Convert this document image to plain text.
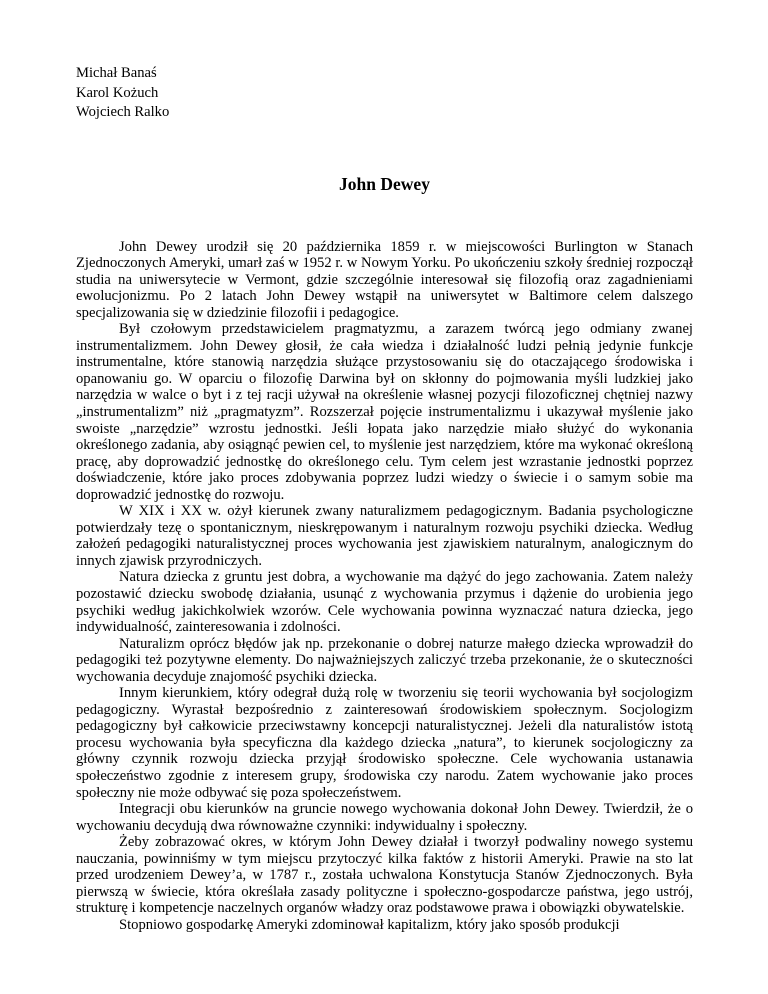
Michał Banaś
Karol Kożuch
Wojciech Ralko
John Dewey

John Dewey urodził się 20 października 1859 r. w miejscowości Burlington w Stanach Zjednoczonych Ameryki, umarł zaś w 1952 r. w Nowym Yorku. Po ukończeniu szkoły średniej rozpoczął studia na uniwersytecie w Vermont, gdzie szczególnie interesował się filozofią oraz zagadnieniami ewolucjonizmu. Po 2 latach John Dewey wstąpił na uniwersytet w Baltimore celem dalszego specjalizowania się w dziedzinie filozofii i pedagogice.

Był czołowym przedstawicielem pragmatyzmu, a zarazem twórcą jego odmiany zwanej instrumentalizmem. John Dewey głosił, że cała wiedza i działalność ludzi pełnią jedynie funkcje instrumentalne, które stanowią narzędzia służące przystosowaniu się do otaczającego środowiska i opanowaniu go. W oparciu o filozofię Darwina był on skłonny do pojmowania myśli ludzkiej jako narzędzia w walce o byt i z tej racji używał na określenie własnej pozycji filozoficznej chętniej nazwy „instrumentalizm” niż „pragmatyzm”. Rozszerzał pojęcie instrumentalizmu i ukazywał myślenie jako swoiste „narzędzie” wzrostu jednostki. Jeśli łopata jako narzędzie miało służyć do wykonania określonego zadania, aby osiągnąć pewien cel, to myślenie jest narzędziem, które ma wykonać określoną pracę, aby doprowadzić jednostkę do określonego celu. Tym celem jest wzrastanie jednostki poprzez doświadczenie, które jako proces zdobywania poprzez ludzi wiedzy o świecie i o samym sobie ma doprowadzić jednostkę do rozwoju.

W XIX i XX w. ożył kierunek zwany naturalizmem pedagogicznym. Badania psychologiczne potwierdzały tezę o spontanicznym, nieskrępowanym i naturalnym rozwoju psychiki dziecka. Według założeń pedagogiki naturalistycznej proces wychowania jest zjawiskiem naturalnym, analogicznym do innych zjawisk przyrodniczych.

Natura dziecka z gruntu jest dobra, a wychowanie ma dążyć do jego zachowania. Zatem należy pozostawić dziecku swobodę działania, usunąć z wychowania przymus i dążenie do urobienia jego psychiki według jakichkolwiek wzorów. Cele wychowania powinna wyznaczać natura dziecka, jego indywidualność, zainteresowania i zdolności.

Naturalizm oprócz błędów jak np. przekonanie o dobrej naturze małego dziecka wprowadził do pedagogiki też pozytywne elementy. Do najważniejszych zaliczyć trzeba przekonanie, że o skuteczności wychowania decyduje znajomość psychiki dziecka.

Innym kierunkiem, który odegrał dużą rolę w tworzeniu się teorii wychowania był socjologizm pedagogiczny. Wyrastał bezpośrednio z zainteresowań środowiskiem społecznym. Socjologizm pedagogiczny był całkowicie przeciwstawny koncepcji naturalistycznej. Jeżeli dla naturalistów istotą procesu wychowania była specyficzna dla każdego dziecka „natura”, to kierunek socjologiczny za główny czynnik rozwoju dziecka przyjął środowisko społeczne. Cele wychowania ustanawia społeczeństwo zgodnie z interesem grupy, środowiska czy narodu. Zatem wychowanie jako proces społeczny nie może odbywać się poza społeczeństwem.

Integracji obu kierunków na gruncie nowego wychowania dokonał John Dewey. Twierdził, że o wychowaniu decydują dwa równoważne czynniki: indywidualny i społeczny.

Żeby zobrazować okres, w którym John Dewey działał i tworzył podwaliny nowego systemu nauczania, powinniśmy w tym miejscu przytoczyć kilka faktów z historii Ameryki. Prawie na sto lat przed urodzeniem Dewey’a, w 1787 r., została uchwalona Konstytucja Stanów Zjednoczonych. Była pierwszą w świecie, która określała zasady polityczne i społeczno-gospodarcze państwa, jego ustrój, strukturę i kompetencje naczelnych organów władzy oraz podstawowe prawa i obowiązki obywatelskie.

Stopniowo gospodarkę Ameryki zdominował kapitalizm, który jako sposób produkcji
